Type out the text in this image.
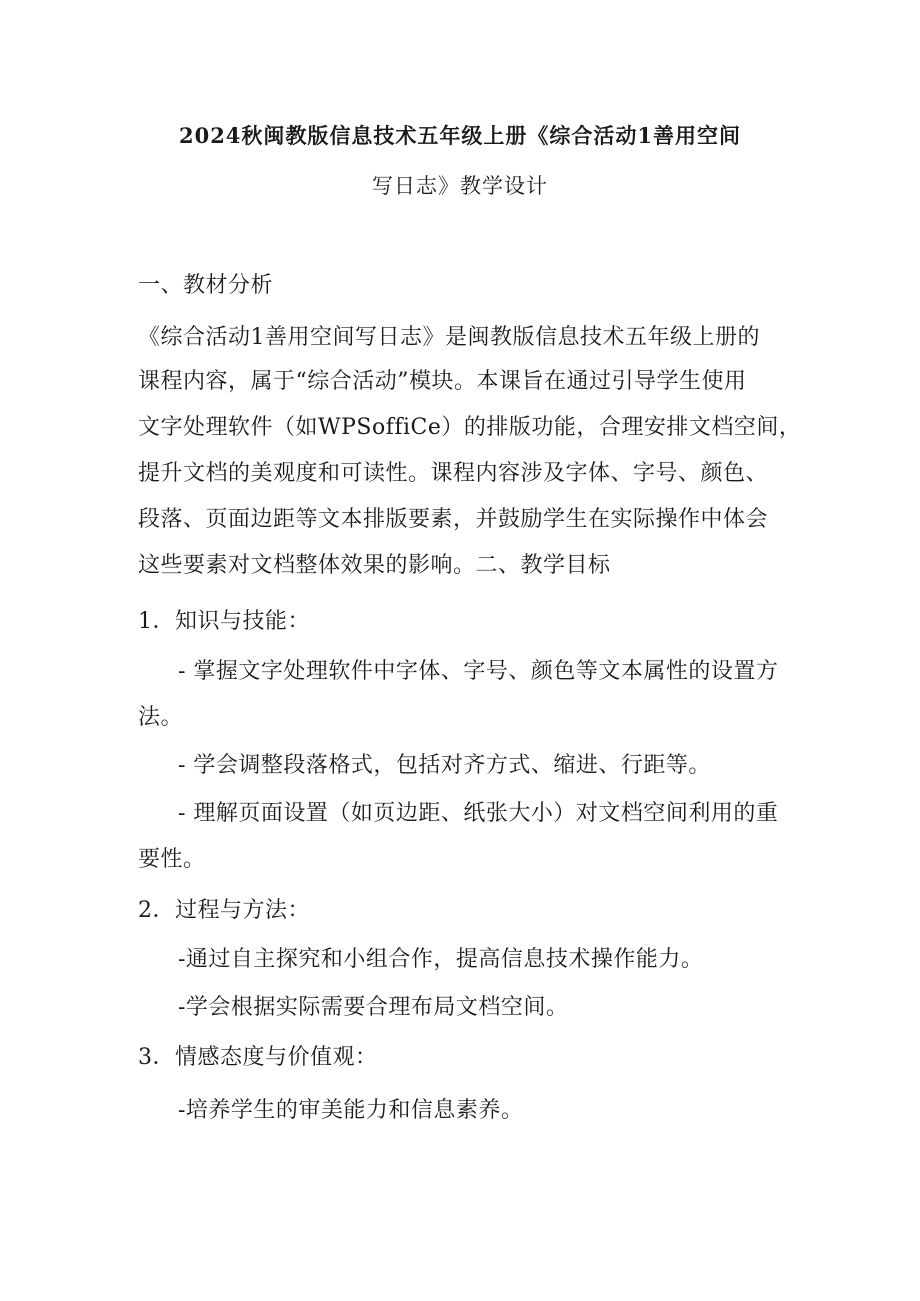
2024秋闽教版信息技术五年级上册《综合活动1善用空间
写日志》教学设计
一、教材分析
《综合活动1善用空间写日志》是闽教版信息技术五年级上册的
课程内容，属于“综合活动”模块。本课旨在通过引导学生使用
文字处理软件（如WPSoffiCe）的排版功能，合理安排文档空间，
提升文档的美观度和可读性。课程内容涉及字体、字号、颜色、
段落、页面边距等文本排版要素，并鼓励学生在实际操作中体会
这些要素对文档整体效果的影响。二、教学目标
1．知识与技能：
- 掌握文字处理软件中字体、字号、颜色等文本属性的设置方
法。
- 学会调整段落格式，包括对齐方式、缩进、行距等。
- 理解页面设置（如页边距、纸张大小）对文档空间利用的重
要性。
2．过程与方法：
-通过自主探究和小组合作，提高信息技术操作能力。
-学会根据实际需要合理布局文档空间。
3．情感态度与价值观：
-培养学生的审美能力和信息素养。
